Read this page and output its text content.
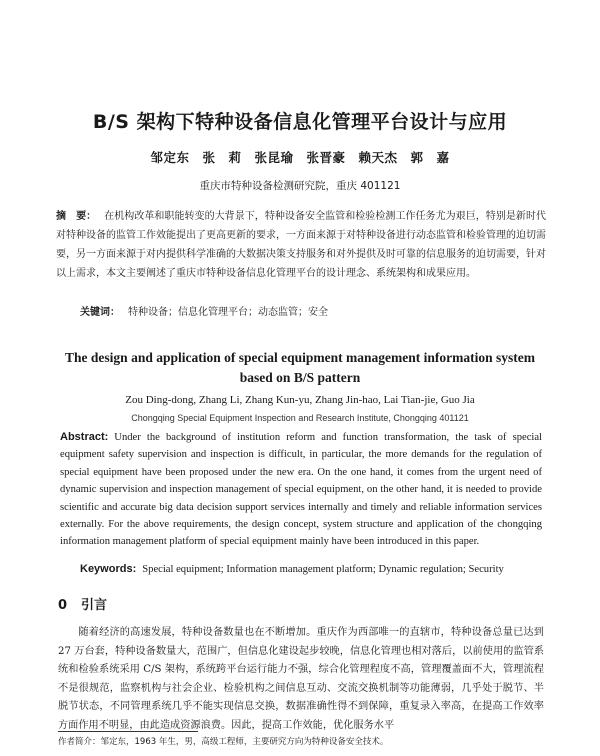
B/S 架构下特种设备信息化管理平台设计与应用
邹定东　张　莉　张昆瑜　张晋豪　赖天杰　郭　嘉
重庆市特种设备检测研究院，重庆 401121
摘　要： 在机构改革和职能转变的大背景下，特种设备安全监管和检验检测工作任务尤为艰巨，特别是新时代对特种设备的监管工作效能提出了更高更新的要求，一方面来源于对特种设备进行动态监管和检验管理的迫切需要，另一方面来源于对内提供科学准确的大数据决策支持服务和对外提供及时可靠的信息服务的迫切需要，针对以上需求，本文主要阐述了重庆市特种设备信息化管理平台的设计理念、系统架构和成果应用。
关键词： 特种设备；信息化管理平台；动态监管；安全
The design and application of special equipment management information system based on B/S pattern
Zou Ding-dong, Zhang Li, Zhang Kun-yu, Zhang Jin-hao, Lai Tian-jie, Guo Jia
Chongqing Special Equipment Inspection and Research Institute, Chongqing 401121
Abstract: Under the background of institution reform and function transformation, the task of special equipment safety supervision and inspection is difficult, in particular, the more demands for the regulation of special equipment have been proposed under the new era. On the one hand, it comes from the urgent need of dynamic supervision and inspection management of special equipment, on the other hand, it is needed to provide scientific and accurate big data decision support services internally and timely and reliable information services externally. For the above requirements, the design concept, system structure and application of the chongqing information management platform of special equipment mainly have been introduced in this paper.
Keywords: Special equipment; Information management platform; Dynamic regulation; Security
0 引言
随着经济的高速发展，特种设备数量也在不断增加。重庆作为西部唯一的直辖市，特种设备总量已达到 27 万台套，特种设备数量大，范围广，但信息化建设起步较晚，信息化管理也相对落后，以前使用的监管系统和检验系统采用 C/S 架构，系统跨平台运行能力不强，综合化管理程度不高，管理覆盖面不大，管理流程不是很规范，监察机构与社会企业、检验机构之间信息互动、交流交换机制等功能薄弱，几乎处于脱节、半脱节状态，不同管理系统几乎不能实现信息交换，数据准确性得不到保障，重复录入率高，在提高工作效率方面作用不明显，由此造成资源浪费。因此，提高工作效能，优化服务水平
作者简介：邹定东，1963 年生，男，高级工程师，主要研究方向为特种设备安全技术。
